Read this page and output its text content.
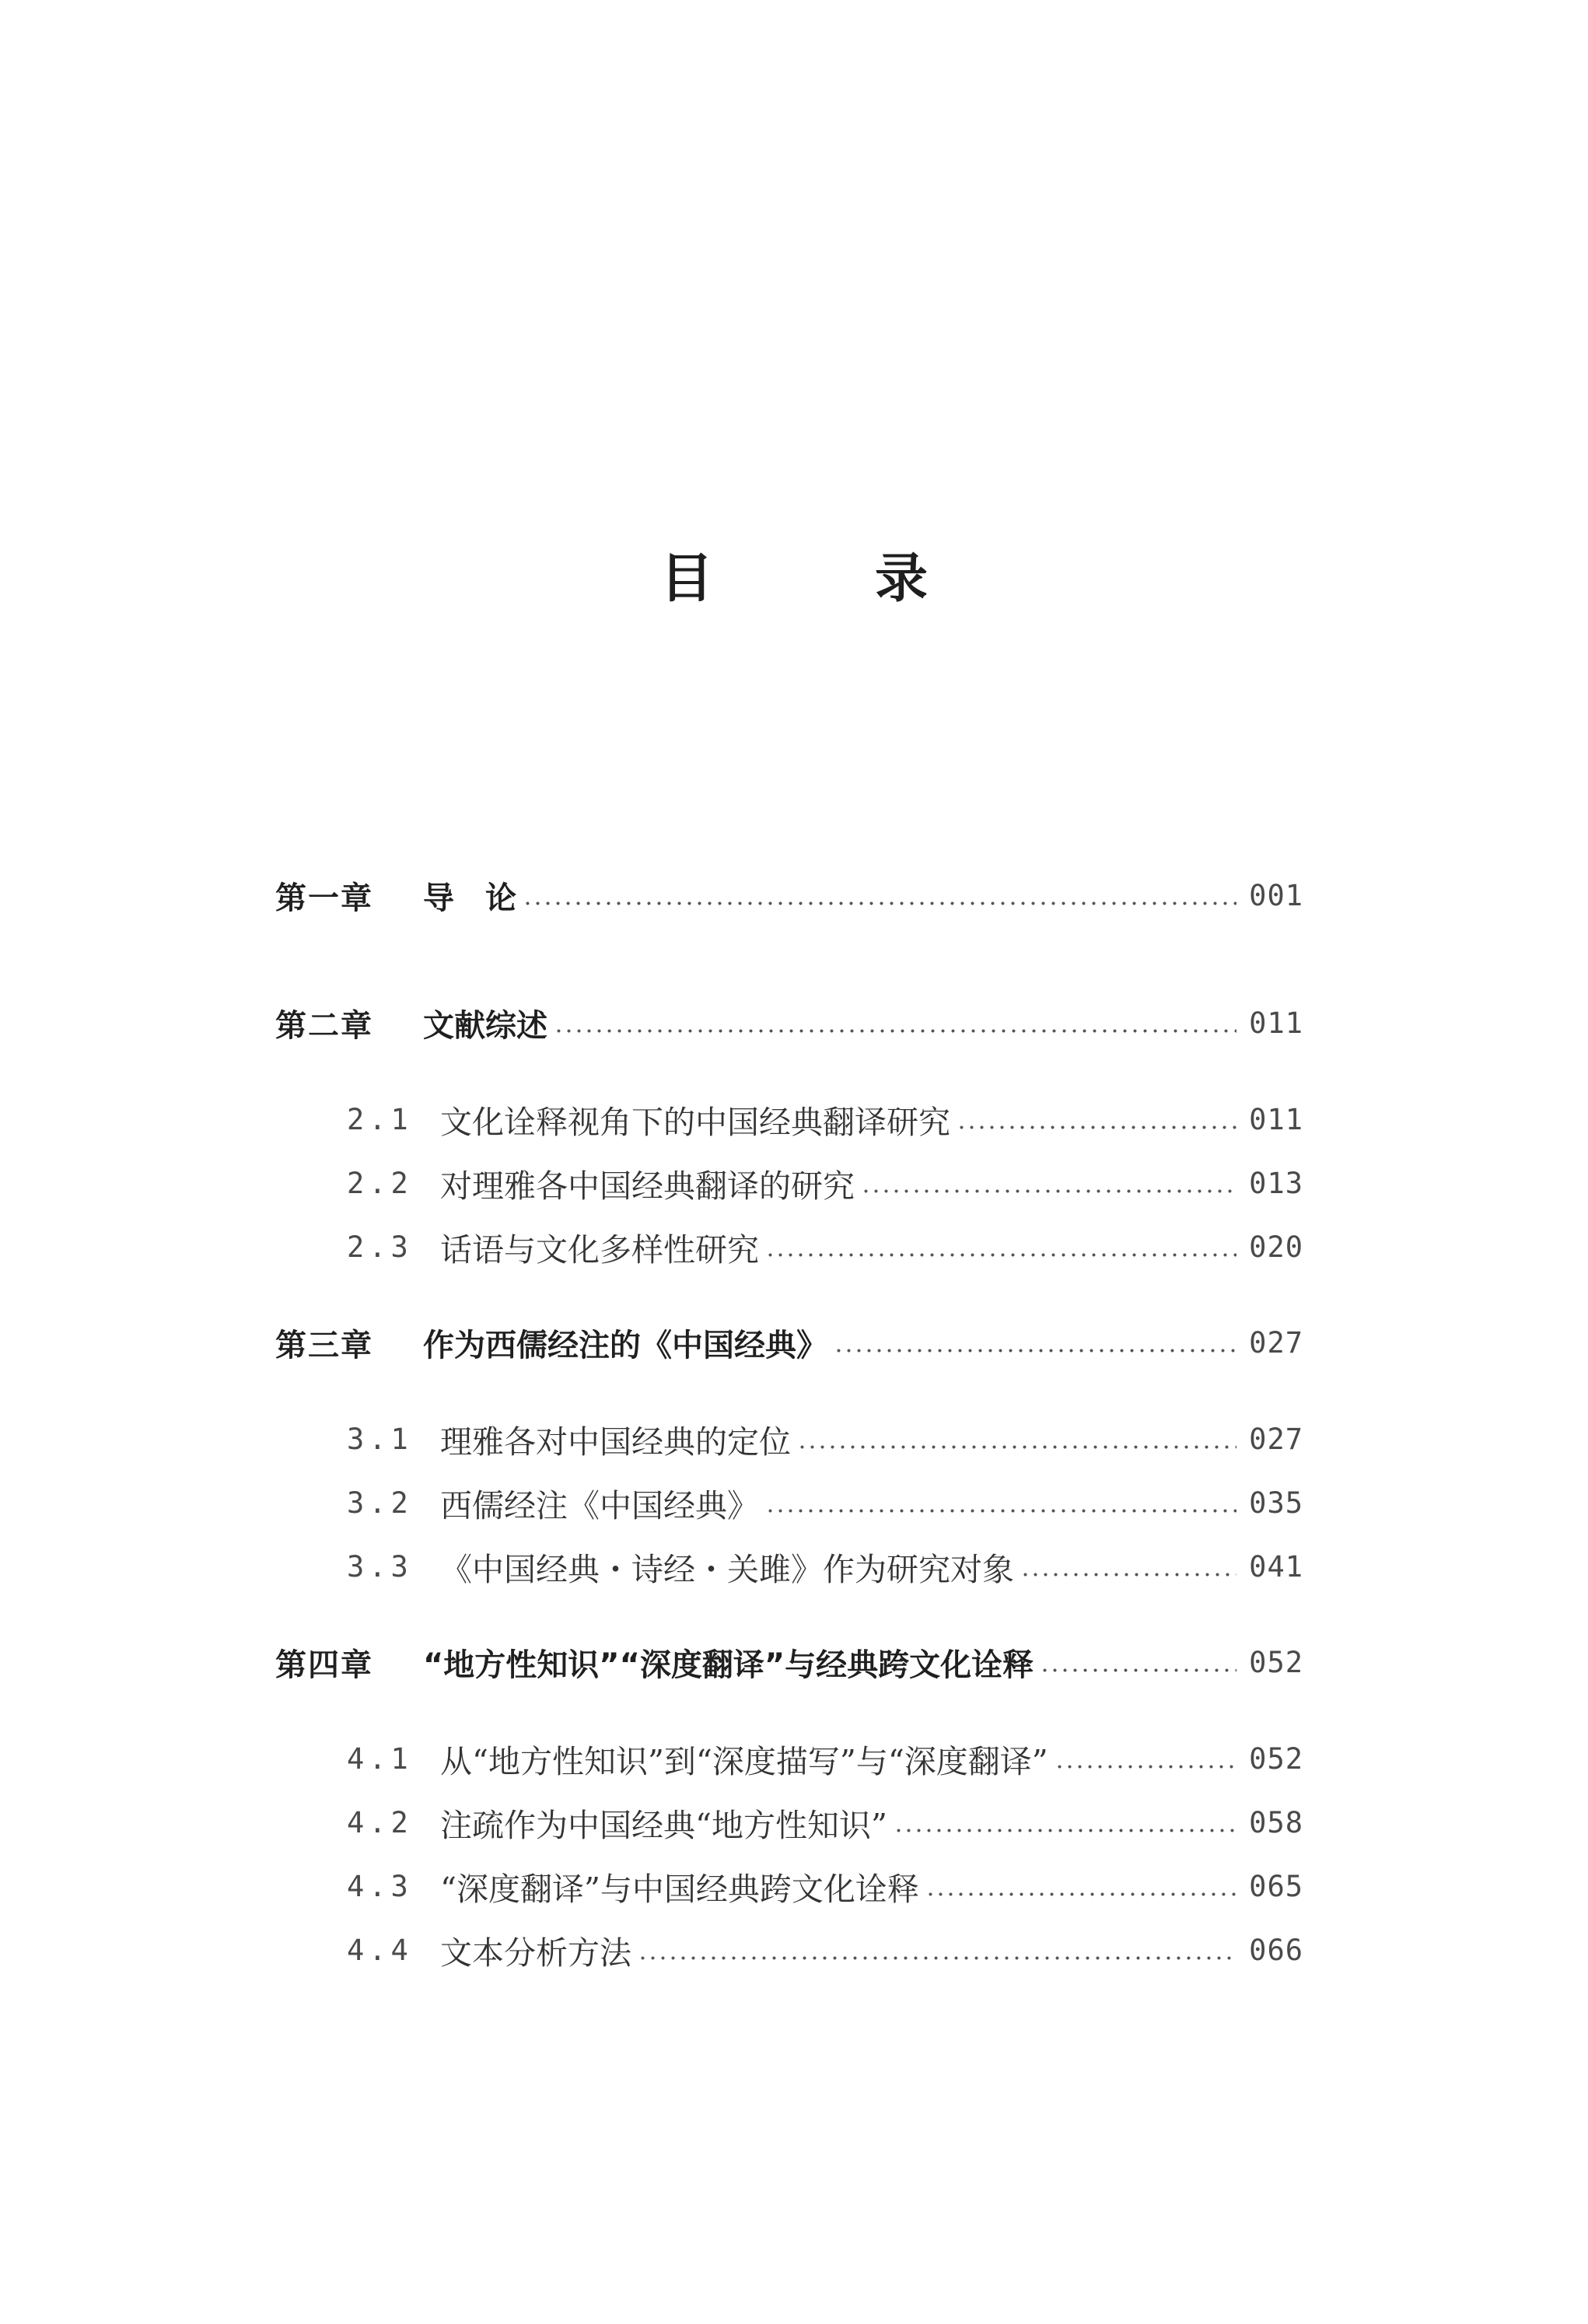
目　录
第一章	导　论	001
第二章	文献综述	011
2.1 文化诠释视角下的中国经典翻译研究	011
2.2 对理雅各中国经典翻译的研究	013
2.3 话语与文化多样性研究	020
第三章	作为西儒经注的《中国经典》	027
3.1 理雅各对中国经典的定位	027
3.2 西儒经注《中国经典》	035
3.3 《中国经典・诗经・关雎》作为研究对象	041
第四章	“地方性知识”“深度翻译”与经典跨文化诠释	052
4.1 从“地方性知识”到“深度描写”与“深度翻译”	052
4.2 注疏作为中国经典“地方性知识”	058
4.3 “深度翻译”与中国经典跨文化诠释	065
4.4 文本分析方法	066
